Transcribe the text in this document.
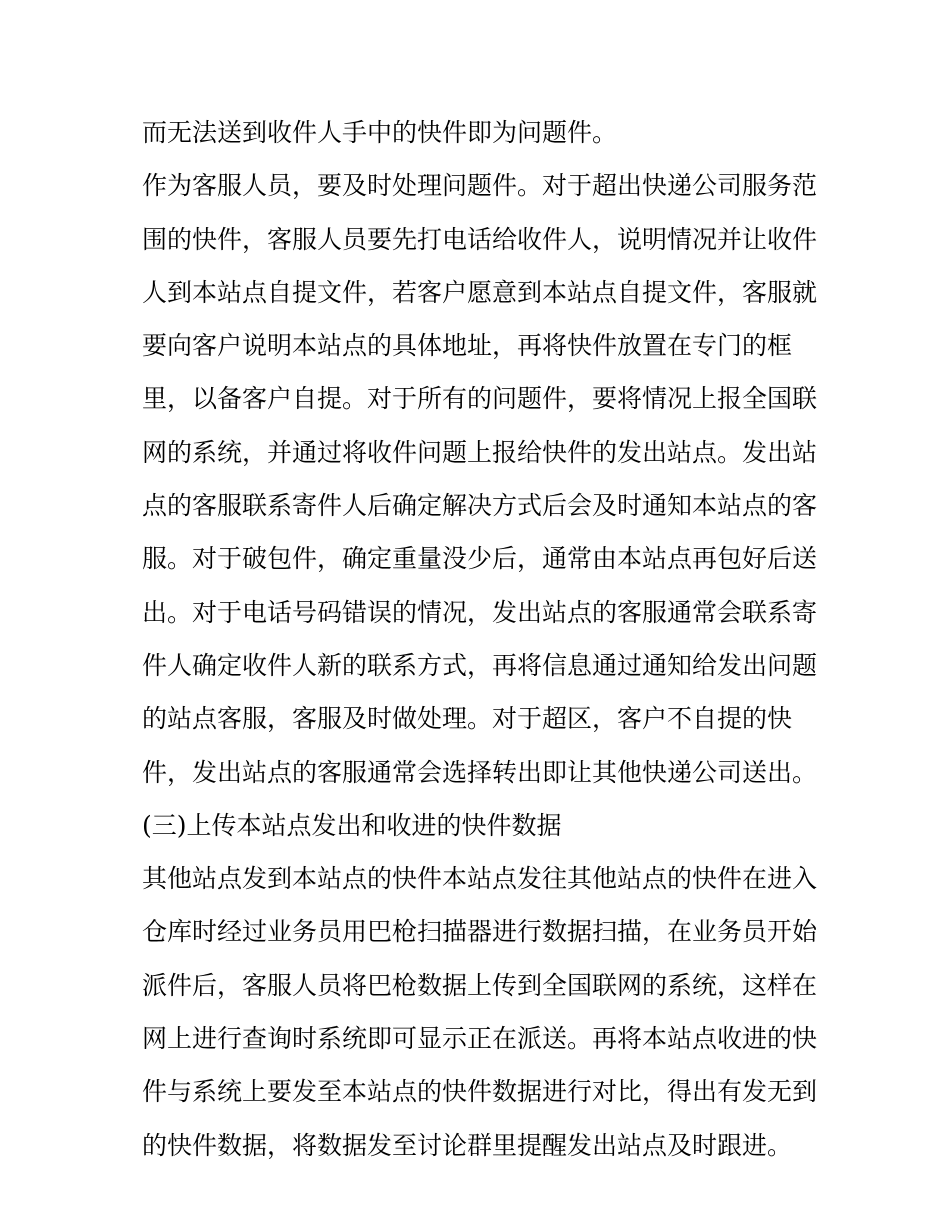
而无法送到收件人手中的快件即为问题件。
作为客服人员，要及时处理问题件。对于超出快递公司服务范
围的快件，客服人员要先打电话给收件人，说明情况并让收件
人到本站点自提文件，若客户愿意到本站点自提文件，客服就
要向客户说明本站点的具体地址，再将快件放置在专门的框
里，以备客户自提。对于所有的问题件，要将情况上报全国联
网的系统，并通过将收件问题上报给快件的发出站点。发出站
点的客服联系寄件人后确定解决方式后会及时通知本站点的客
服。对于破包件，确定重量没少后，通常由本站点再包好后送
出。对于电话号码错误的情况，发出站点的客服通常会联系寄
件人确定收件人新的联系方式，再将信息通过通知给发出问题
的站点客服，客服及时做处理。对于超区，客户不自提的快
件，发出站点的客服通常会选择转出即让其他快递公司送出。
(三)上传本站点发出和收进的快件数据
其他站点发到本站点的快件本站点发往其他站点的快件在进入
仓库时经过业务员用巴枪扫描器进行数据扫描，在业务员开始
派件后，客服人员将巴枪数据上传到全国联网的系统，这样在
网上进行查询时系统即可显示正在派送。再将本站点收进的快
件与系统上要发至本站点的快件数据进行对比，得出有发无到
的快件数据，将数据发至讨论群里提醒发出站点及时跟进。
